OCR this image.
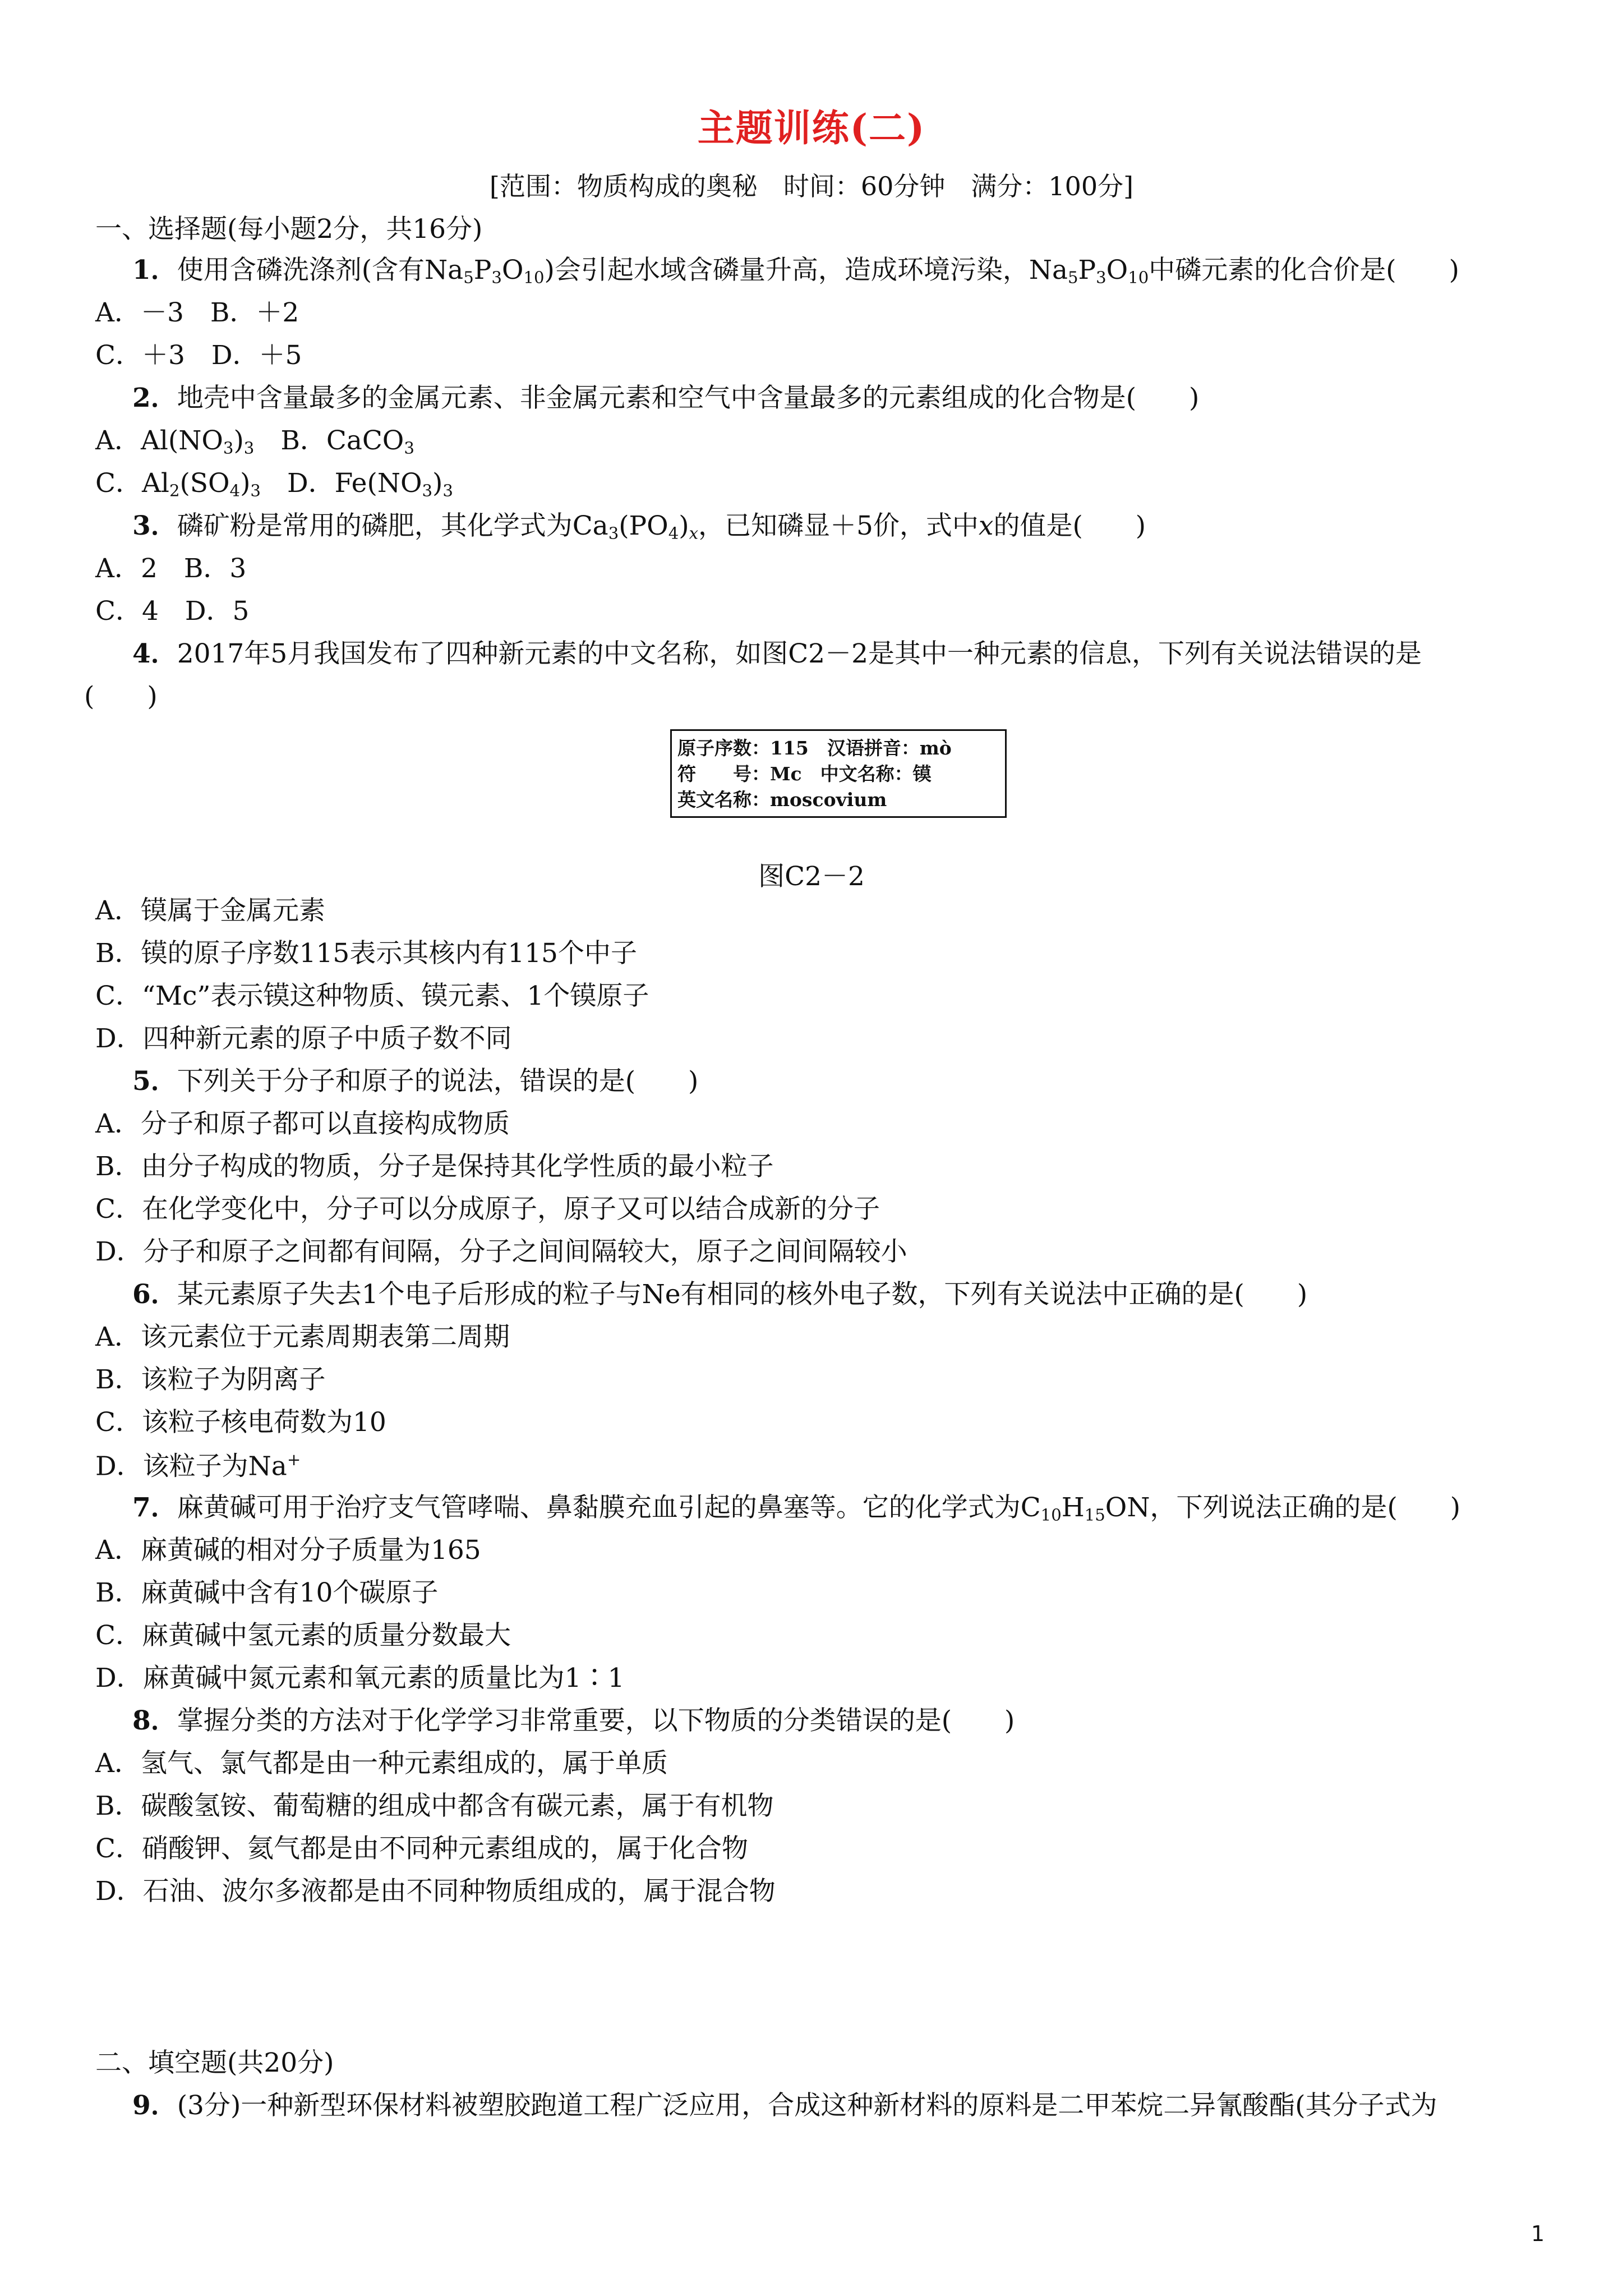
主题训练(二)
[范围：物质构成的奥秘　时间：60分钟　满分：100分]
一、选择题(每小题2分，共16分)
1．使用含磷洗涤剂(含有$Na_5P_3O_{10}$)会引起水域含磷量升高，造成环境污染，$Na_5P_3O_{10}$中磷元素的化合价是(　　)
A．－3　B．＋2
C．＋3　D．＋5
2．地壳中含量最多的金属元素、非金属元素和空气中含量最多的元素组成的化合物是(　　)
A．$Al(NO_3)_3$　 B．CaCO$_3$
C．$Al_2(SO_4)_3$　 D．$Fe(NO_3)_3$
3．磷矿粉是常用的磷肥，其化学式为$Ca_3(PO_4)_x$，已知磷显＋5价，式中x的值是(　　)
A．2　B．3
C．4　D．5
4．2017年5月我国发布了四种新元素的中文名称，如图C2－2是其中一种元素的信息，下列有关说法错误的是
(　　)
原子序数：115　汉语拼音：mò
符　　号：Mc　中文名称：镆
英文名称：moscovium
图C2－2
A．镆属于金属元素
B．镆的原子序数115表示其核内有115个中子
C．“Mc”表示镆这种物质、镆元素、1个镆原子
D．四种新元素的原子中质子数不同
5．下列关于分子和原子的说法，错误的是(　　)
A．分子和原子都可以直接构成物质
B．由分子构成的物质，分子是保持其化学性质的最小粒子
C．在化学变化中，分子可以分成原子，原子又可以结合成新的分子
D．分子和原子之间都有间隔，分子之间间隔较大，原子之间间隔较小
6．某元素原子失去1个电子后形成的粒子与Ne有相同的核外电子数，下列有关说法中正确的是(　　)
A．该元素位于元素周期表第二周期
B．该粒子为阴离子
C．该粒子核电荷数为10
D．该粒子为Na+
7．麻黄碱可用于治疗支气管哮喘、鼻黏膜充血引起的鼻塞等。它的化学式为$C_{10}H_{15}ON$，下列说法正确的是(　　)
A．麻黄碱的相对分子质量为165
B．麻黄碱中含有10个碳原子
C．麻黄碱中氢元素的质量分数最大
D．麻黄碱中氮元素和氧元素的质量比为1∶1
8．掌握分类的方法对于化学学习非常重要，以下物质的分类错误的是(　　)
A．氢气、氯气都是由一种元素组成的，属于单质
B．碳酸氢铵、葡萄糖的组成中都含有碳元素，属于有机物
C．硝酸钾、氦气都是由不同种元素组成的，属于化合物
D．石油、波尔多液都是由不同种物质组成的，属于混合物
二、填空题(共20分)
9．(3分)一种新型环保材料被塑胶跑道工程广泛应用，合成这种新材料的原料是二甲苯烷二异氰酸酯(其分子式为
1
